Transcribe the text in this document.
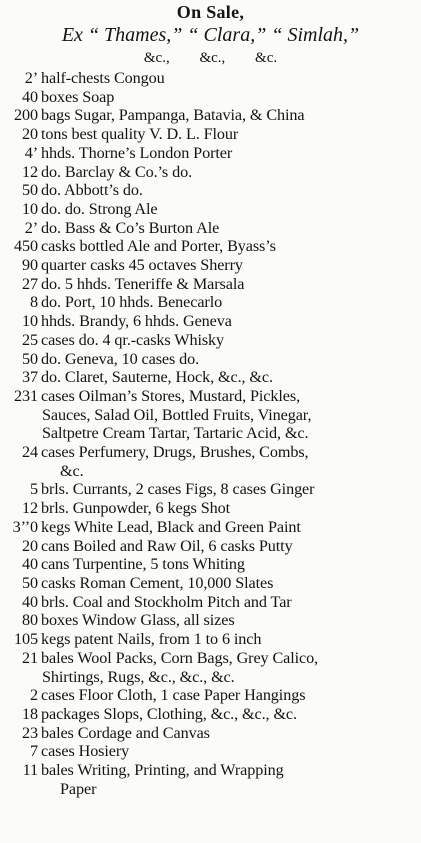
On Sale,
Ex “ Thames,” “ Clara,” “ Simlah,”
&c., &c., &c.
2’ half-chests Congou
40 boxes Soap
200 bags Sugar, Pampanga, Batavia, & China
20 tons best quality V. D. L. Flour
4’ hhds. Thorne’s London Porter
12 do. Barclay & Co.’s do.
50 do. Abbott’s do.
10 do. do. Strong Ale
2’ do. Bass & Co’s Burton Ale
450 casks bottled Ale and Porter, Byass’s
90 quarter casks 45 octaves Sherry
27 do. 5 hhds. Teneriffe & Marsala
8 do. Port, 10 hhds. Benecarlo
10 hhds. Brandy, 6 hhds. Geneva
25 cases do. 4 qr.-casks Whisky
50 do. Geneva, 10 cases do.
37 do. Claret, Sauterne, Hock, &c., &c.
231 cases Oilman’s Stores, Mustard, Pickles,
Sauces, Salad Oil, Bottled Fruits, Vinegar,
Saltpetre Cream Tartar, Tartaric Acid, &c.
24 cases Perfumery, Drugs, Brushes, Combs,
&c.
5 brls. Currants, 2 cases Figs, 8 cases Ginger
12 brls. Gunpowder, 6 kegs Shot
3’’0 kegs White Lead, Black and Green Paint
20 cans Boiled and Raw Oil, 6 casks Putty
40 cans Turpentine, 5 tons Whiting
50 casks Roman Cement, 10,000 Slates
40 brls. Coal and Stockholm Pitch and Tar
80 boxes Window Glass, all sizes
105 kegs patent Nails, from 1 to 6 inch
21 bales Wool Packs, Corn Bags, Grey Calico,
Shirtings, Rugs, &c., &c., &c.
2 cases Floor Cloth, 1 case Paper Hangings
18 packages Slops, Clothing, &c., &c., &c.
23 bales Cordage and Canvas
7 cases Hosiery
11 bales Writing, Printing, and Wrapping
Paper
